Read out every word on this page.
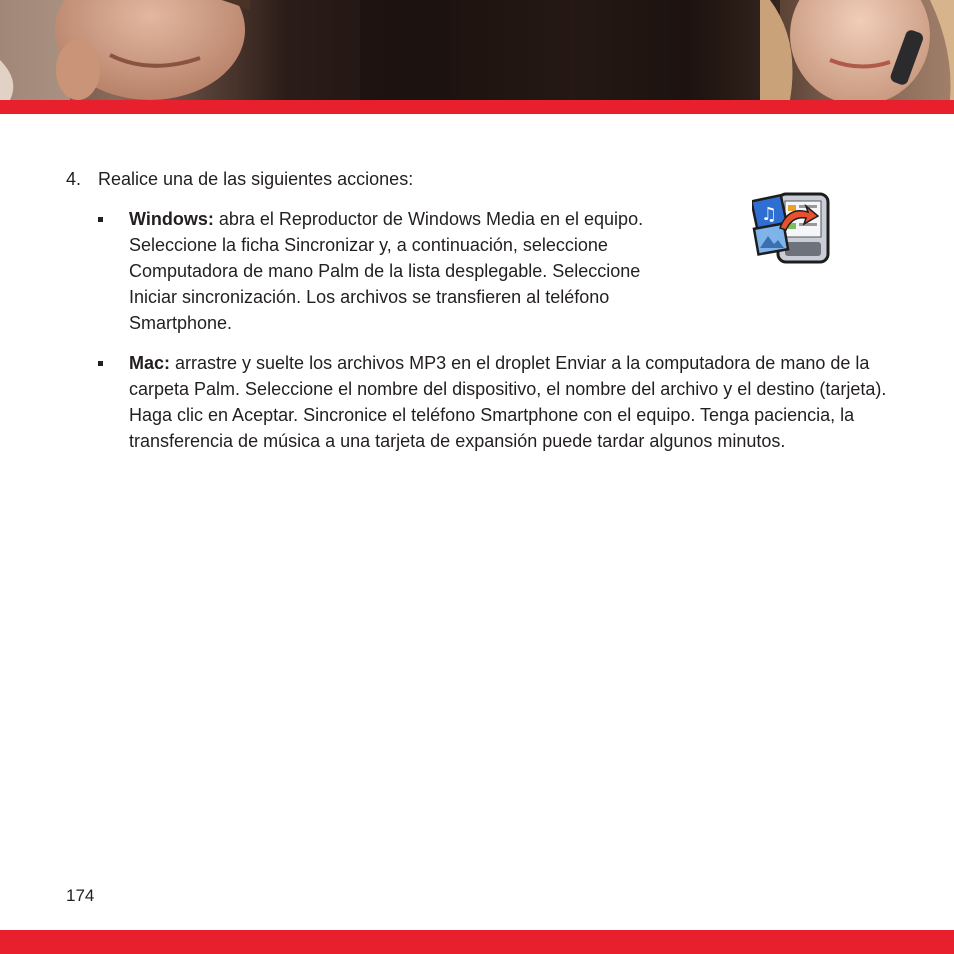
4. Realice una de las siguientes acciones:
Windows: abra el Reproductor de Windows Media en el equipo. Seleccione la ficha Sincronizar y, a continuación, seleccione Computadora de mano Palm de la lista desplegable. Seleccione Iniciar sincronización. Los archivos se transfieren al teléfono Smartphone.
♫
Mac: arrastre y suelte los archivos MP3 en el droplet Enviar a la computadora de mano de la carpeta Palm. Seleccione el nombre del dispositivo, el nombre del archivo y el destino (tarjeta). Haga clic en Aceptar. Sincronice el teléfono Smartphone con el equipo. Tenga paciencia, la transferencia de música a una tarjeta de expansión puede tardar algunos minutos.
174
